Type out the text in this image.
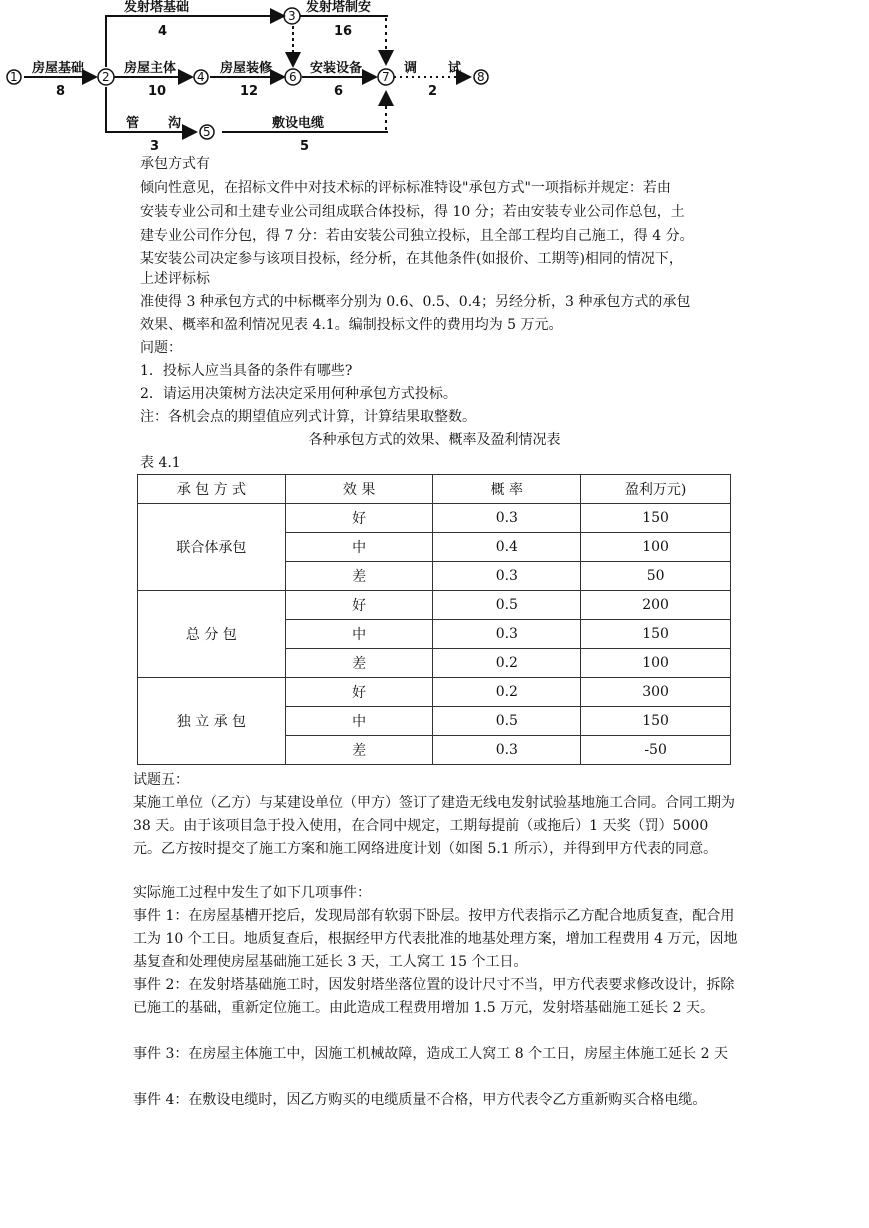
1	2
3
4
5
6	7	8
房屋基础
8
发射塔基础
4
发射塔制安
16
房屋主体
10
房屋装修
12
安装设备
6
调
2
试
管
3
沟	敷设电缆
5
承包方式有
倾向性意见，在招标文件中对技术标的评标标准特设"承包方式"一项指标并规定：若由
安装专业公司和土建专业公司组成联合体投标，得 10 分；若由安装专业公司作总包，土
建专业公司作分包，得 7 分：若由安装公司独立投标，且全部工程均自己施工，得 4 分。
某安装公司决定参与该项目投标，经分析，在其他条件(如报价、工期等)相同的情况下，
上述评标标
准使得 3 种承包方式的中标概率分别为 0.6、0.5、0.4；另经分析，3 种承包方式的承包
效果、概率和盈利情况见表 4.1。编制投标文件的费用均为 5 万元。
问题：
1．投标人应当具备的条件有哪些?
2．请运用决策树方法决定采用何种承包方式投标。
注：各机会点的期望值应列式计算，计算结果取整数。
各种承包方式的效果、概率及盈利情况表
表 4.1
承 包 方 式	效 果	概 率	盈利万元)
联合体承包	好	0.3	150
	中	0.4	100
	差	0.3	50
总 分 包	好	0.5	200
	中	0.3	150
	差	0.2	100
独 立 承 包	好	0.2	300
	中	0.5	150
	差	0.3	-50
试题五：
某施工单位（乙方）与某建设单位（甲方）签订了建造无线电发射试验基地施工合同。合同工期为 38 天。由于该项目急于投入使用，在合同中规定，工期每提前（或拖后）1 天奖（罚）5000 元。乙方按时提交了施工方案和施工网络进度计划（如图 5.1 所示），并得到甲方代表的同意。
实际施工过程中发生了如下几项事件：
事件 1：在房屋基槽开挖后，发现局部有软弱下卧层。按甲方代表指示乙方配合地质复查，配合用工为 10 个工日。地质复查后，根据经甲方代表批准的地基处理方案，增加工程费用 4 万元，因地基复查和处理使房屋基础施工延长 3 天，工人窝工 15 个工日。
事件 2：在发射塔基础施工时，因发射塔坐落位置的设计尺寸不当，甲方代表要求修改设计，拆除已施工的基础，重新定位施工。由此造成工程费用增加 1.5 万元，发射塔基础施工延长 2 天。
事件 3：在房屋主体施工中，因施工机械故障，造成工人窝工 8 个工日，房屋主体施工延长 2 天
事件 4：在敷设电缆时，因乙方购买的电缆质量不合格，甲方代表令乙方重新购买合格电缆。
